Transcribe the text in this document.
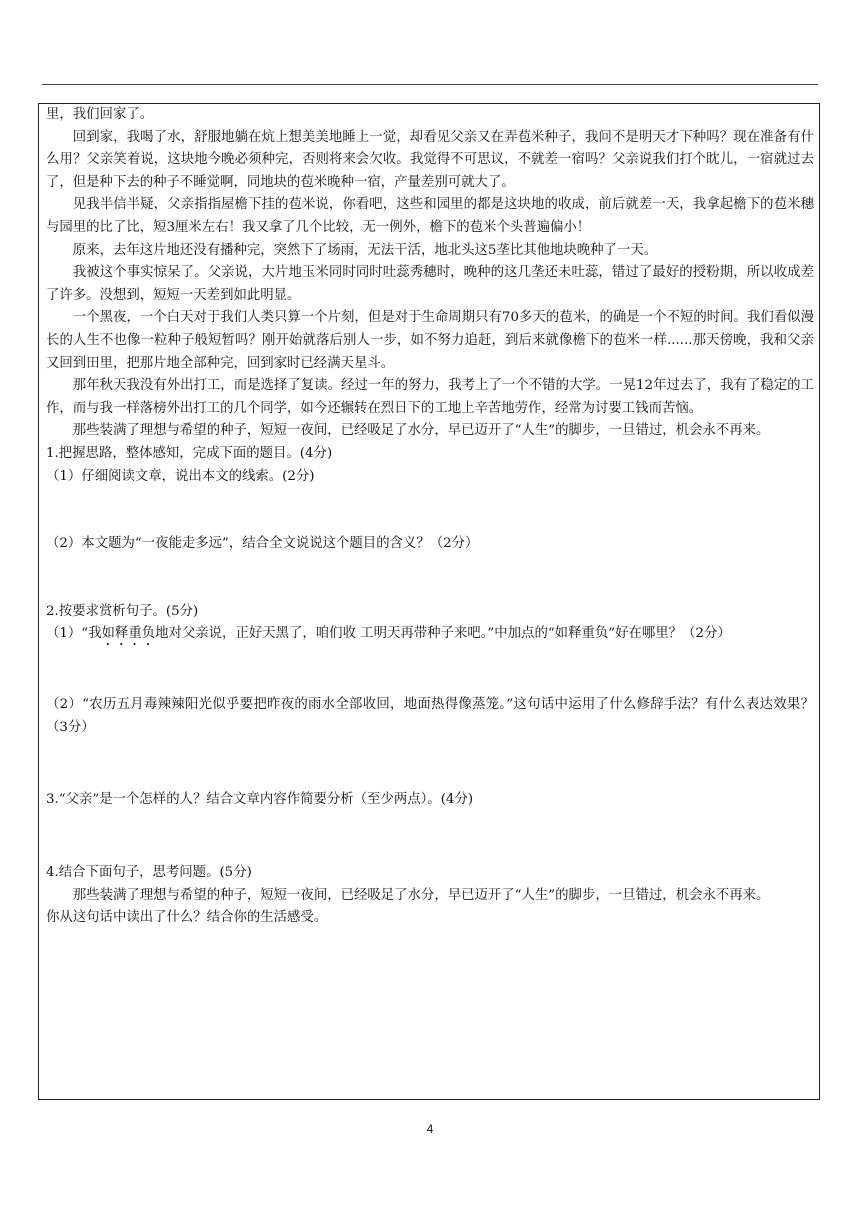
里，我们回家了。

回到家，我喝了水，舒服地躺在炕上想美美地睡上一觉，却看见父亲又在弄苞米种子，我问不是明天才下种吗？现在准备有什么用？父亲笑着说，这块地今晚必须种完，否则将来会欠收。我觉得不可思议，不就差一宿吗？父亲说我们打个眈儿，一宿就过去了，但是种下去的种子不睡觉啊，同地块的苞米晚种一宿，产量差别可就大了。

见我半信半疑，父亲指指屋檐下挂的苞米说，你看吧，这些和园里的都是这块地的收成，前后就差一天，我拿起檐下的苞米穗与园里的比了比，短3厘米左右！我又拿了几个比较，无一例外，檐下的苞米个头普遍偏小！

原来，去年这片地还没有播种完，突然下了场雨，无法干活，地北头这5垄比其他地块晚种了一天。

我被这个事实惊呆了。父亲说，大片地玉米同时同时吐蕊秀穗时，晚种的这几垄还未吐蕊，错过了最好的授粉期，所以收成差了许多。没想到，短短一天差到如此明显。

一个黑夜，一个白天对于我们人类只算一个片刻，但是对于生命周期只有70多天的苞米，的确是一个不短的时间。我们看似漫长的人生不也像一粒种子般短暂吗？刚开始就落后别人一步，如不努力追赶，到后来就像檐下的苞米一样......那天傍晚，我和父亲又回到田里，把那片地全部种完，回到家时已经满天星斗。

那年秋天我没有外出打工，而是选择了复读。经过一年的努力，我考上了一个不错的大学。一晃12年过去了，我有了稳定的工作，而与我一样落榜外出打工的几个同学，如今还辗转在烈日下的工地上辛苦地劳作，经常为讨要工钱而苦恼。

那些装满了理想与希望的种子，短短一夜间，已经吸足了水分，早已迈开了“人生”的脚步，一旦错过，机会永不再来。

1.把握思路，整体感知，完成下面的题目。(4分)

（1）仔细阅读文章，说出本文的线索。(2分)

（2）本文题为“一夜能走多远”，结合全文说说这个题目的含义？（2分）

2.按要求赏析句子。(5分)

（1）“我如释重负地对父亲说，正好天黑了，咱们收 工明天再带种子来吧。”中加点的“如释重负”好在哪里？（2分）

（2）“农历五月毒辣辣阳光似乎要把昨夜的雨水全部收回，地面热得像蒸笼。”这句话中运用了什么修辞手法？有什么表达效果？（3分）

3.“父亲”是一个怎样的人？结合文章内容作简要分析（至少两点）。(4分)

4.结合下面句子，思考问题。(5分)

那些装满了理想与希望的种子，短短一夜间，已经吸足了水分，早已迈开了“人生”的脚步，一旦错过，机会永不再来。

你从这句话中读出了什么？结合你的生活感受。

4
